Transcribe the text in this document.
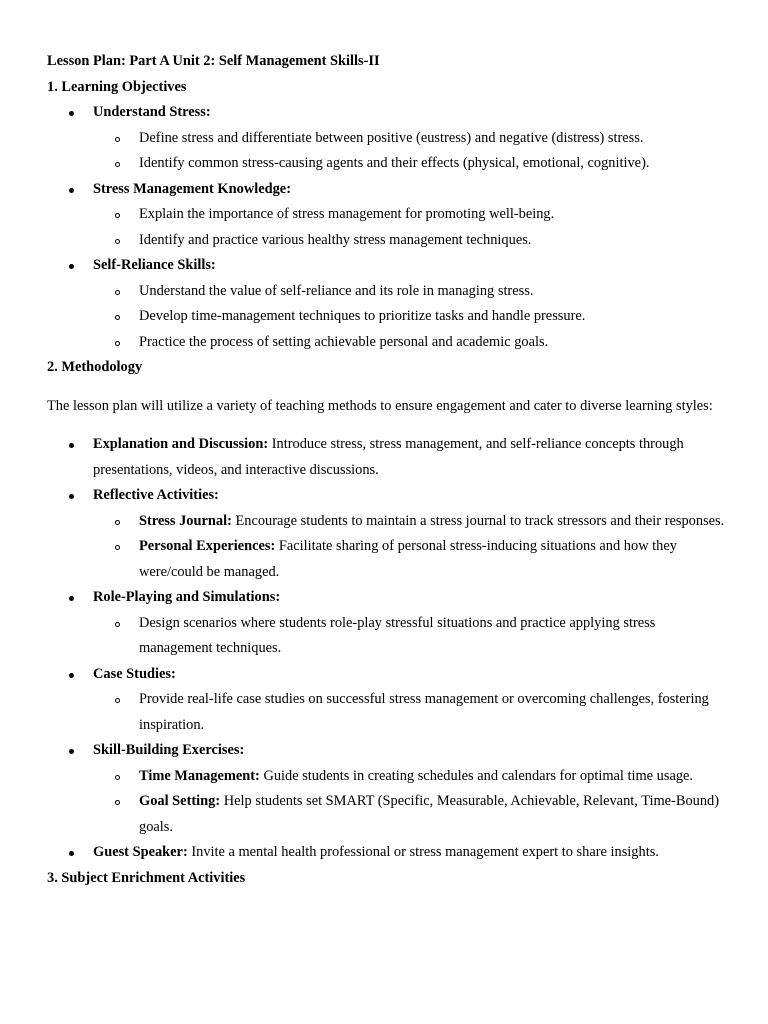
Lesson Plan: Part A Unit 2: Self Management Skills-II
1. Learning Objectives
Understand Stress:
Define stress and differentiate between positive (eustress) and negative (distress) stress.
Identify common stress-causing agents and their effects (physical, emotional, cognitive).
Stress Management Knowledge:
Explain the importance of stress management for promoting well-being.
Identify and practice various healthy stress management techniques.
Self-Reliance Skills:
Understand the value of self-reliance and its role in managing stress.
Develop time-management techniques to prioritize tasks and handle pressure.
Practice the process of setting achievable personal and academic goals.
2. Methodology
The lesson plan will utilize a variety of teaching methods to ensure engagement and cater to diverse learning styles:
Explanation and Discussion: Introduce stress, stress management, and self-reliance concepts through presentations, videos, and interactive discussions.
Reflective Activities:
Stress Journal: Encourage students to maintain a stress journal to track stressors and their responses.
Personal Experiences: Facilitate sharing of personal stress-inducing situations and how they were/could be managed.
Role-Playing and Simulations:
Design scenarios where students role-play stressful situations and practice applying stress management techniques.
Case Studies:
Provide real-life case studies on successful stress management or overcoming challenges, fostering inspiration.
Skill-Building Exercises:
Time Management: Guide students in creating schedules and calendars for optimal time usage.
Goal Setting: Help students set SMART (Specific, Measurable, Achievable, Relevant, Time-Bound) goals.
Guest Speaker: Invite a mental health professional or stress management expert to share insights.
3. Subject Enrichment Activities
